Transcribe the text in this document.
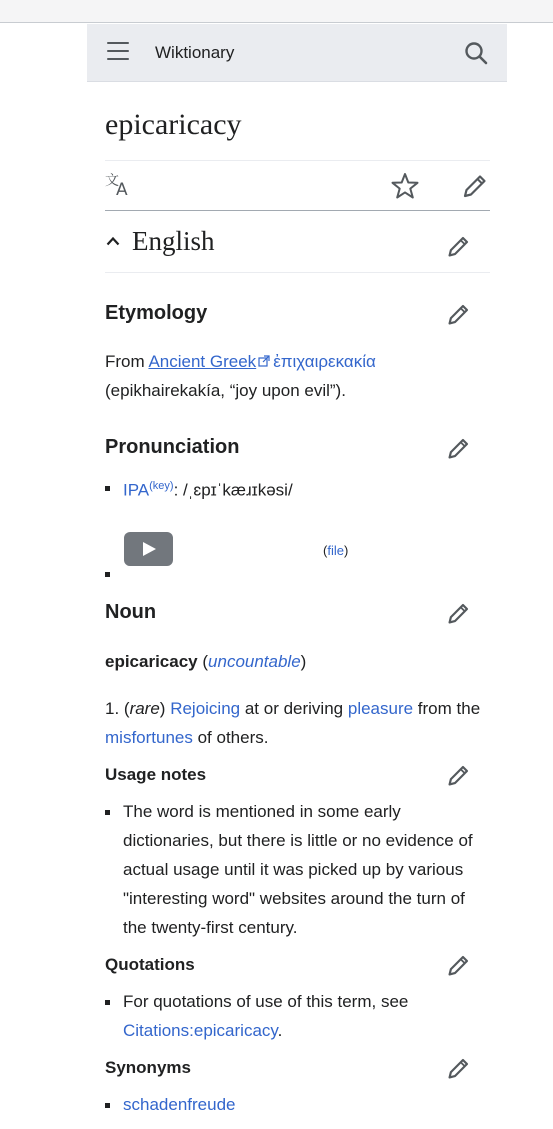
Wiktionary
epicaricacy
文
A
English
Etymology
From Ancient Greek ἐπιχαιρεκακία
(epikhairekakía, “joy upon evil”).
Pronunciation
$IPA^{(key)}$: /ˌɛpɪˈkæɹɪkəsi/
(file)
Noun
epicaricacy (uncountable)
1. (rare) Rejoicing at or deriving pleasure from the misfortunes of others.
Usage notes
The word is mentioned in some early dictionaries, but there is little or no evidence of actual usage until it was picked up by various "interesting word" websites around the turn of the twenty-first century.
Quotations
For quotations of use of this term, see Citations:epicaricacy.
Synonyms
schadenfreude
